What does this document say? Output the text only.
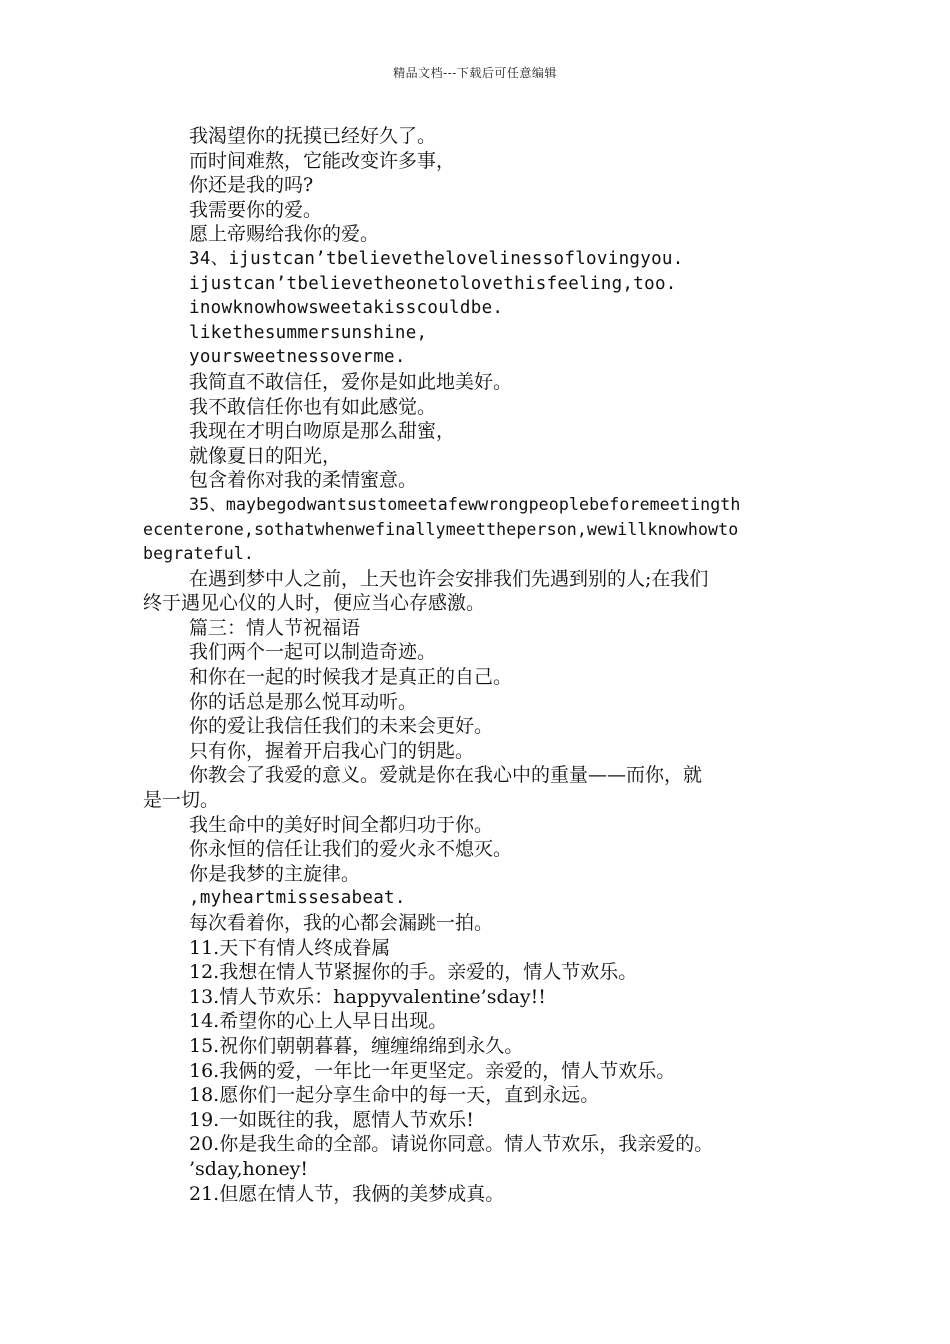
精品文档---下载后可任意编辑
我渴望你的抚摸已经好久了。
而时间难熬，它能改变许多事，
你还是我的吗?
我需要你的爱。
愿上帝赐给我你的爱。
34、ijustcan’tbelievethelovelinessoflovingyou.
ijustcan’tbelievetheonetolovethisfeeling,too.
inowknowhowsweetakisscouldbe.
likethesummersunshine,
yoursweetnessoverme.
我简直不敢信任，爱你是如此地美好。
我不敢信任你也有如此感觉。
我现在才明白吻原是那么甜蜜，
就像夏日的阳光，
包含着你对我的柔情蜜意。
35、maybegodwantsustomeetafewwrongpeoplebeforemeetingth
ecenterone,sothatwhenwefinallymeettheperson,wewillknowhowto
begrateful.
在遇到梦中人之前，上天也许会安排我们先遇到别的人;在我们
终于遇见心仪的人时，便应当心存感激。
篇三：情人节祝福语
我们两个一起可以制造奇迹。
和你在一起的时候我才是真正的自己。
你的话总是那么悦耳动听。
你的爱让我信任我们的未来会更好。
只有你，握着开启我心门的钥匙。
你教会了我爱的意义。爱就是你在我心中的重量——而你，就
是一切。
我生命中的美好时间全都归功于你。
你永恒的信任让我们的爱火永不熄灭。
你是我梦的主旋律。
,myheartmissesabeat.
每次看着你，我的心都会漏跳一拍。
11.天下有情人终成眷属
12.我想在情人节紧握你的手。亲爱的，情人节欢乐。
13.情人节欢乐：happyvalentine’sday!!
14.希望你的心上人早日出现。
15.祝你们朝朝暮暮，缠缠绵绵到永久。
16.我俩的爱，一年比一年更坚定。亲爱的，情人节欢乐。
18.愿你们一起分享生命中的每一天，直到永远。
19.一如既往的我，愿情人节欢乐!
20.你是我生命的全部。请说你同意。情人节欢乐，我亲爱的。
’sday,honey!
21.但愿在情人节，我俩的美梦成真。
